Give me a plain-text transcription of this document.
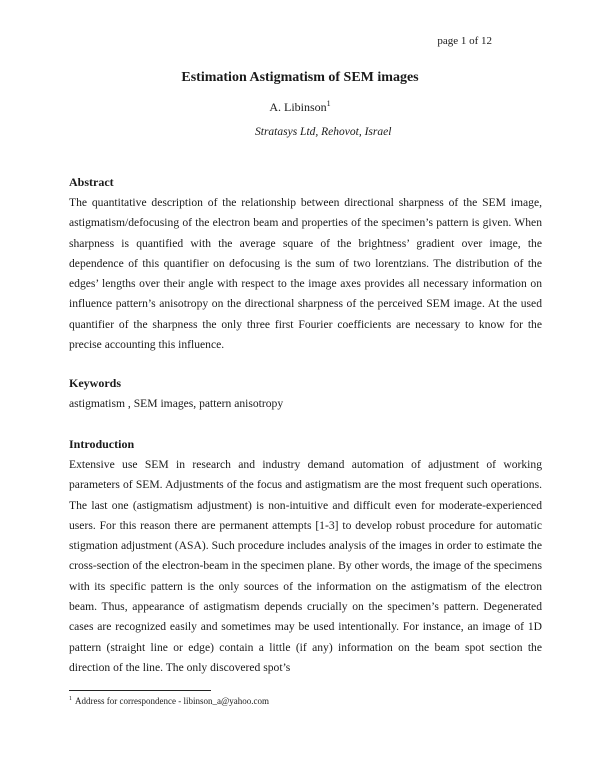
page 1 of 12
Estimation Astigmatism of SEM images
A. Libinson$^1$
Stratasys Ltd, Rehovot, Israel
Abstract

The quantitative description of the relationship between directional sharpness of the SEM image, astigmatism/defocusing of the electron beam and properties of the specimen’s pattern is given. When sharpness is quantified with the average square of the brightness’ gradient over image, the dependence of this quantifier on defocusing is the sum of two lorentzians. The distribution of the edges’ lengths over their angle with respect to the image axes provides all necessary information on influence pattern’s anisotropy on the directional sharpness of the perceived SEM image. At the used quantifier of the sharpness the only three first Fourier coefficients are necessary to know for the precise accounting this influence.

Keywords
astigmatism , SEM images, pattern anisotropy
Introduction

Extensive use SEM in research and industry demand automation of adjustment of working parameters of SEM. Adjustments of the focus and astigmatism are the most frequent such operations. The last one (astigmatism adjustment) is non-intuitive and difficult even for moderate-experienced users. For this reason there are permanent attempts [1-3] to develop robust procedure for automatic stigmation adjustment (ASA). Such procedure includes analysis of the images in order to estimate the cross-section of the electron-beam in the specimen plane. By other words, the image of the specimens with its specific pattern is the only sources of the information on the astigmatism of the electron beam. Thus, appearance of astigmatism depends crucially on the specimen’s pattern. Degenerated cases are recognized easily and sometimes may be used intentionally. For instance, an image of 1D pattern (straight line or edge) contain a little (if any) information on the beam spot section the direction of the line. The only discovered spot’s

$^1$ Address for correspondence - libinson_a@yahoo.com
